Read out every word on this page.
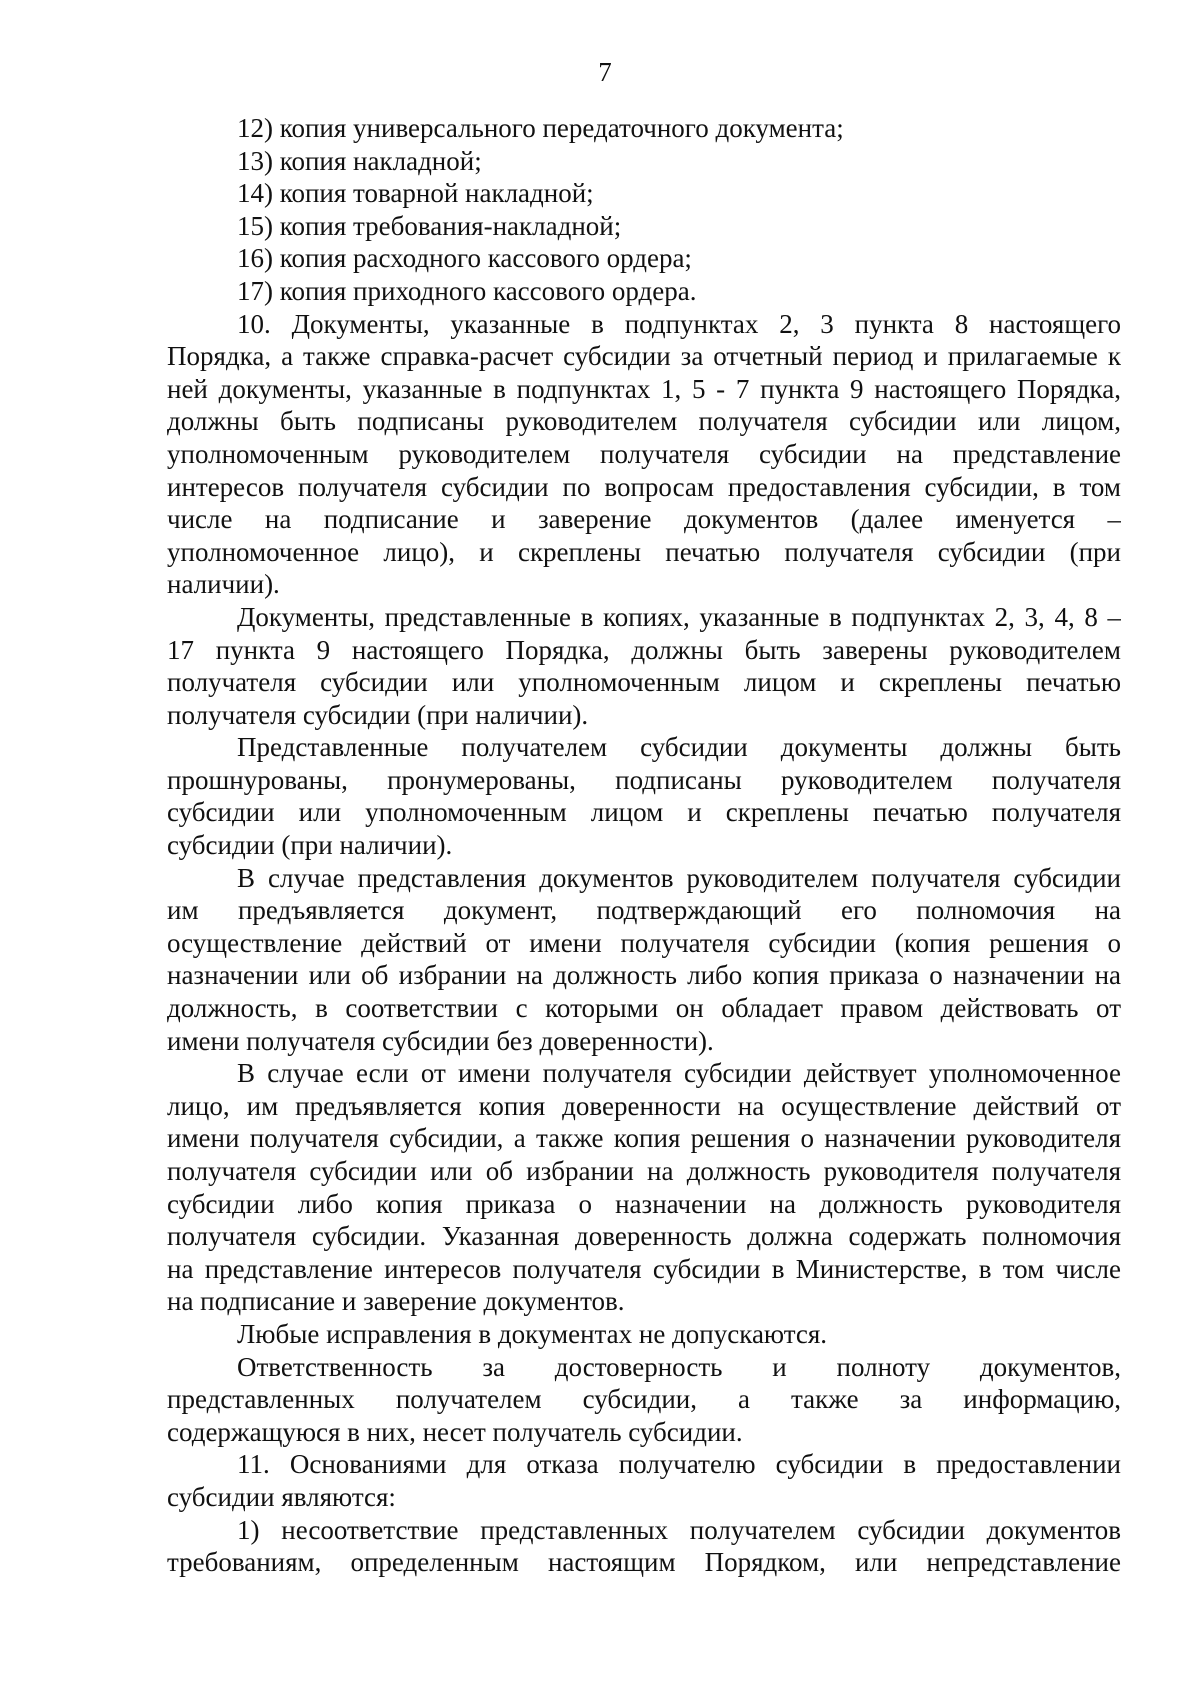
7
12) копия универсального передаточного документа;
13) копия накладной;
14) копия товарной накладной;
15) копия требования-накладной;
16) копия расходного кассового ордера;
17) копия приходного кассового ордера.
10. Документы, указанные в подпунктах 2, 3 пункта 8 настоящего
Порядка, а также справка-расчет субсидии за отчетный период и прилагаемые к
ней документы, указанные в подпунктах 1, 5 - 7 пункта 9 настоящего Порядка,
должны быть подписаны руководителем получателя субсидии или лицом,
уполномоченным руководителем получателя субсидии на представление
интересов получателя субсидии по вопросам предоставления субсидии, в том
числе на подписание и заверение документов (далее именуется –
уполномоченное лицо), и скреплены печатью получателя субсидии (при
наличии).
Документы, представленные в копиях, указанные в подпунктах 2, 3, 4, 8 –
17 пункта 9 настоящего Порядка, должны быть заверены руководителем
получателя субсидии или уполномоченным лицом и скреплены печатью
получателя субсидии (при наличии).
Представленные получателем субсидии документы должны быть
прошнурованы, пронумерованы, подписаны руководителем получателя
субсидии или уполномоченным лицом и скреплены печатью получателя
субсидии (при наличии).
В случае представления документов руководителем получателя субсидии
им предъявляется документ, подтверждающий его полномочия на
осуществление действий от имени получателя субсидии (копия решения о
назначении или об избрании на должность либо копия приказа о назначении на
должность, в соответствии с которыми он обладает правом действовать от
имени получателя субсидии без доверенности).
В случае если от имени получателя субсидии действует уполномоченное
лицо, им предъявляется копия доверенности на осуществление действий от
имени получателя субсидии, а также копия решения о назначении руководителя
получателя субсидии или об избрании на должность руководителя получателя
субсидии либо копия приказа о назначении на должность руководителя
получателя субсидии. Указанная доверенность должна содержать полномочия
на представление интересов получателя субсидии в Министерстве, в том числе
на подписание и заверение документов.
Любые исправления в документах не допускаются.
Ответственность за достоверность и полноту документов,
представленных получателем субсидии, а также за информацию,
содержащуюся в них, несет получатель субсидии.
11. Основаниями для отказа получателю субсидии в предоставлении
субсидии являются:
1) несоответствие представленных получателем субсидии документов
требованиям, определенным настоящим Порядком, или непредставление
